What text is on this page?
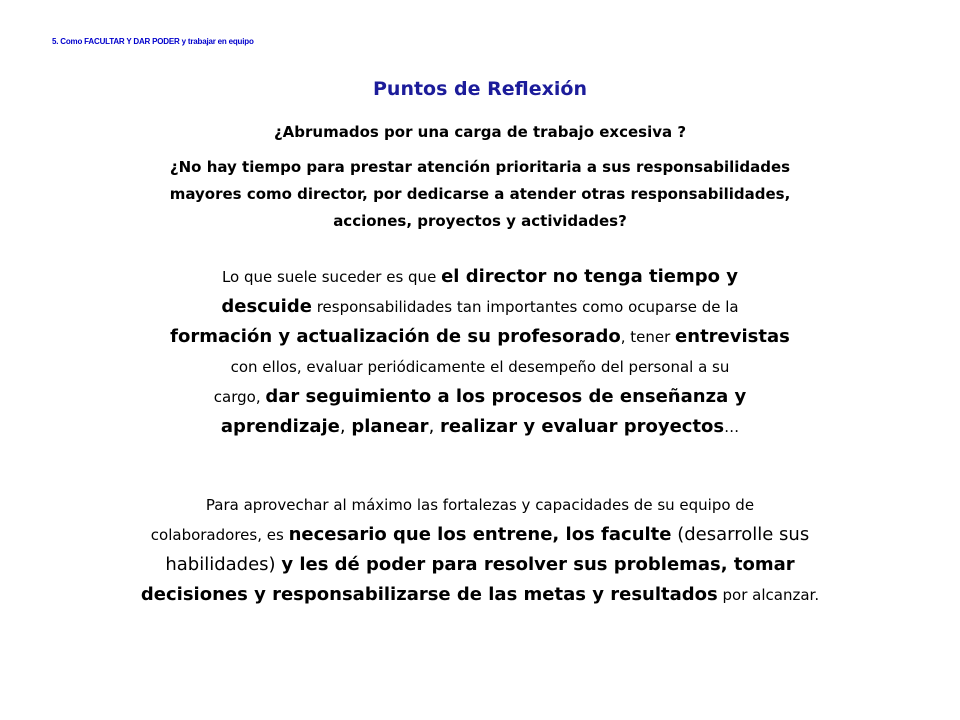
5. Como FACULTAR Y DAR PODER y trabajar en equipo
Puntos de Reflexión
¿Abrumados por una carga de trabajo excesiva ?
¿No hay tiempo para prestar atención prioritaria a sus responsabilidades mayores como director, por dedicarse a atender otras responsabilidades, acciones, proyectos y actividades?
Lo que suele suceder es que el director no tenga tiempo y
descuide responsabilidades tan importantes como ocuparse de la
formación y actualización de su profesorado, tener entrevistas
con ellos, evaluar periódicamente el desempeño del personal a su
cargo, dar seguimiento a los procesos de enseñanza y
aprendizaje, planear, realizar y evaluar proyectos…
Para aprovechar al máximo las fortalezas y capacidades de su equipo de
colaboradores, es necesario que los entrene, los faculte (desarrolle sus
habilidades) y les dé poder para resolver sus problemas, tomar
decisiones y responsabilizarse de las metas y resultados por alcanzar.
